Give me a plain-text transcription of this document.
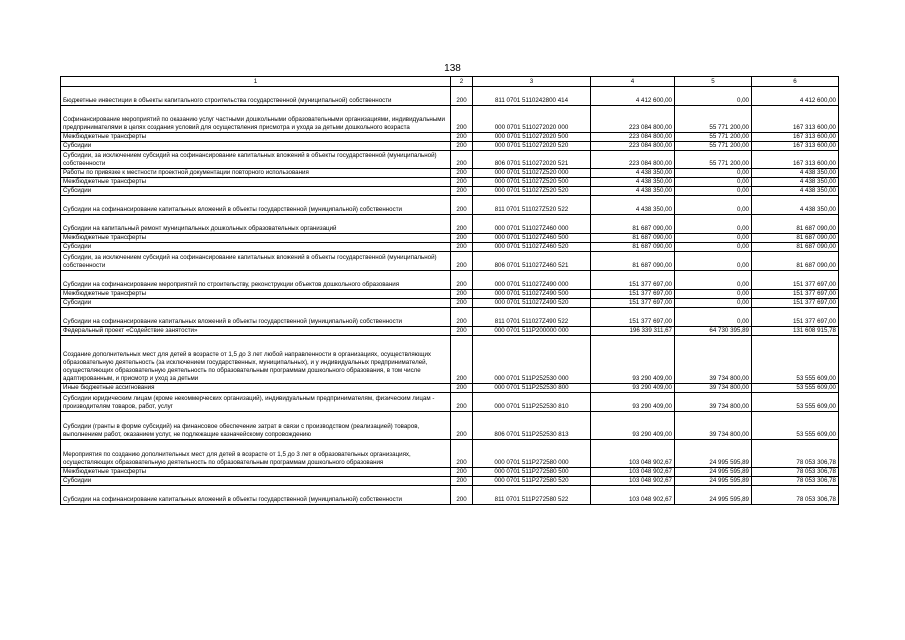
138
1	2	3	4	5	6
Бюджетные инвестиции в объекты капитального строительства государственной (муниципальной) собственности	200	811 0701 5110242800 414	4 412 600,00	0,00	4 412 600,00
Софинансирование мероприятий по оказанию услуг частными дошкольными образовательными организациями, индивидуальными предпринимателями в целях создания условий для осуществления присмотра и ухода за детьми дошкольного возраста	200	000 0701 5110272020 000	223 084 800,00	55 771 200,00	167 313 600,00
Межбюджетные трансферты	200	000 0701 5110272020 500	223 084 800,00	55 771 200,00	167 313 600,00
Субсидии	200	000 0701 5110272020 520	223 084 800,00	55 771 200,00	167 313 600,00
Субсидии, за исключением субсидий на софинансирование капитальных вложений в объекты государственной (муниципальной) собственности	200	806 0701 5110272020 521	223 084 800,00	55 771 200,00	167 313 600,00
Работы по привязке к местности проектной документации повторного использования	200	000 0701 511027Z520 000	4 438 350,00	0,00	4 438 350,00
Межбюджетные трансферты	200	000 0701 511027Z520 500	4 438 350,00	0,00	4 438 350,00
Субсидии	200	000 0701 511027Z520 520	4 438 350,00	0,00	4 438 350,00
Субсидии на софинансирование капитальных вложений в объекты государственной (муниципальной) собственности	200	811 0701 511027Z520 522	4 438 350,00	0,00	4 438 350,00
Субсидии на капитальный ремонт муниципальных дошкольных образовательных организаций	200	000 0701 511027Z460 000	81 687 090,00	0,00	81 687 090,00
Межбюджетные трансферты	200	000 0701 511027Z460 500	81 687 090,00	0,00	81 687 090,00
Субсидии	200	000 0701 511027Z460 520	81 687 090,00	0,00	81 687 090,00
Субсидии, за исключением субсидий на софинансирование капитальных вложений в объекты государственной (муниципальной) собственности	200	806 0701 511027Z460 521	81 687 090,00	0,00	81 687 090,00
Субсидии на софинансирование мероприятий по строительству, реконструкции объектов дошкольного образования	200	000 0701 511027Z490 000	151 377 697,00	0,00	151 377 697,00
Межбюджетные трансферты	200	000 0701 511027Z490 500	151 377 697,00	0,00	151 377 697,00
Субсидии	200	000 0701 511027Z490 520	151 377 697,00	0,00	151 377 697,00
Субсидии на софинансирование капитальных вложений в объекты государственной (муниципальной) собственности	200	811 0701 511027Z490 522	151 377 697,00	0,00	151 377 697,00
Федеральный проект «Содействие занятости»	200	000 0701 511P200000 000	196 339 311,67	64 730 395,89	131 608 915,78
Создание дополнительных мест для детей в возрасте от 1,5 до 3 лет любой направленности в организациях, осуществляющих образовательную деятельность (за исключением государственных, муниципальных), и у индивидуальных предпринимателей, осуществляющих образовательную деятельность по образовательным программам дошкольного образования, в том числе адаптированным, и присмотр и уход за детьми	200	000 0701 511P252530 000	93 290 409,00	39 734 800,00	53 555 609,00
Иные бюджетные ассигнования	200	000 0701 511P252530 800	93 290 409,00	39 734 800,00	53 555 609,00
Субсидии юридическим лицам (кроме некоммерческих организаций), индивидуальным предпринимателям, физическим лицам - производителям товаров, работ, услуг	200	000 0701 511P252530 810	93 290 409,00	39 734 800,00	53 555 609,00
Субсидии (гранты в форме субсидий) на финансовое обеспечение затрат в связи с производством (реализацией) товаров, выполнением работ, оказанием услуг, не подлежащие казначейскому сопровождению	200	806 0701 511P252530 813	93 290 409,00	39 734 800,00	53 555 609,00
Мероприятия по созданию дополнительных мест для детей в возрасте от 1,5 до 3 лет в образовательных организациях, осуществляющих образовательную деятельность по образовательным программам дошкольного образования	200	000 0701 511P272580 000	103 048 902,67	24 995 595,89	78 053 306,78
Межбюджетные трансферты	200	000 0701 511P272580 500	103 048 902,67	24 995 595,89	78 053 306,78
Субсидии	200	000 0701 511P272580 520	103 048 902,67	24 995 595,89	78 053 306,78
Субсидии на софинансирование капитальных вложений в объекты государственной (муниципальной) собственности	200	811 0701 511P272580 522	103 048 902,67	24 995 595,89	78 053 306,78
